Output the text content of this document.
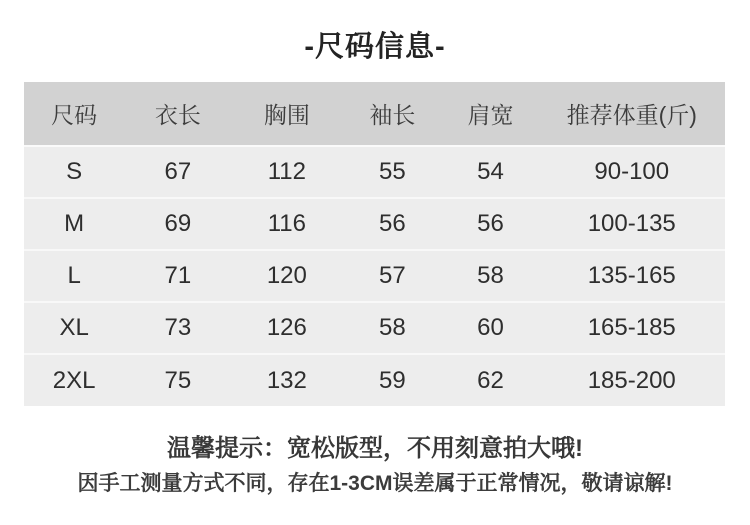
-尺码信息-
尺码	衣长	胸围	袖长	肩宽	推荐体重(斤)
S	67	112	55	54	90-100
M	69	116	56	56	100-135
L	71	120	57	58	135-165
XL	73	126	58	60	165-185
2XL	75	132	59	62	185-200
温馨提示：宽松版型，不用刻意拍大哦!
因手工测量方式不同，存在1-3CM误差属于正常情况，敬请谅解!
